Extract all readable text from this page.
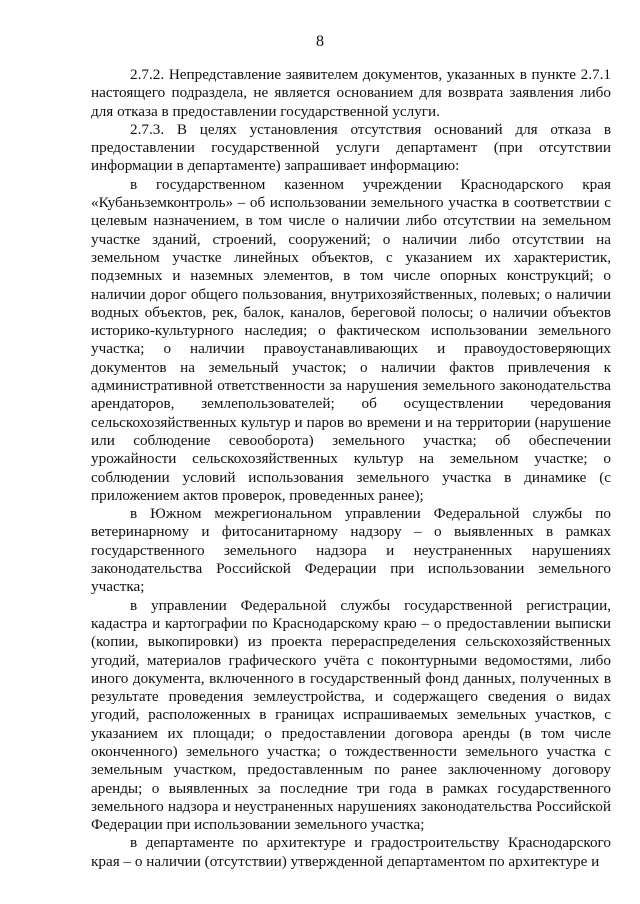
8

2.7.2. Непредставление заявителем документов, указанных в пункте 2.7.1 настоящего подраздела, не является основанием для возврата заявления либо для отказа в предоставлении государственной услуги.

2.7.3. В целях установления отсутствия оснований для отказа в предоставлении государственной услуги департамент (при отсутствии информации в департаменте) запрашивает информацию:

в государственном казенном учреждении Краснодарского края «Кубаньземконтроль» – об использовании земельного участка в соответствии с целевым назначением, в том числе о наличии либо отсутствии на земельном участке зданий, строений, сооружений; о наличии либо отсутствии на земельном участке линейных объектов, с указанием их характеристик, подземных и наземных элементов, в том числе опорных конструкций; о наличии дорог общего пользования, внутрихозяйственных, полевых; о наличии водных объектов, рек, балок, каналов, береговой полосы; о наличии объектов историко-культурного наследия; о фактическом использовании земельного участка; о наличии правоустанавливающих и правоудостоверяющих документов на земельный участок; о наличии фактов привлечения к административной ответственности за нарушения земельного законодательства арендаторов, землепользователей; об осуществлении чередования сельскохозяйственных культур и паров во времени и на территории (нарушение или соблюдение севооборота) земельного участка; об обеспечении урожайности сельскохозяйственных культур на земельном участке; о соблюдении условий использования земельного участка в динамике (с приложением актов проверок, проведенных ранее);

в Южном межрегиональном управлении Федеральной службы по ветеринарному и фитосанитарному надзору – о выявленных в рамках государственного земельного надзора и неустраненных нарушениях законодательства Российской Федерации при использовании земельного участка;

в управлении Федеральной службы государственной регистрации, кадастра и картографии по Краснодарскому краю – о предоставлении выписки (копии, выкопировки) из проекта перераспределения сельскохозяйственных угодий, материалов графического учёта с поконтурными ведомостями, либо иного документа, включенного в государственный фонд данных, полученных в результате проведения землеустройства, и содержащего сведения о видах угодий, расположенных в границах испрашиваемых земельных участков, с указанием их площади; о предоставлении договора аренды (в том числе оконченного) земельного участка; о тождественности земельного участка с земельным участком, предоставленным по ранее заключенному договору аренды; о выявленных за последние три года в рамках государственного земельного надзора и неустраненных нарушениях законодательства Российской Федерации при использовании земельного участка;

в департаменте по архитектуре и градостроительству Краснодарского края – о наличии (отсутствии) утвержденной департаментом по архитектуре и
